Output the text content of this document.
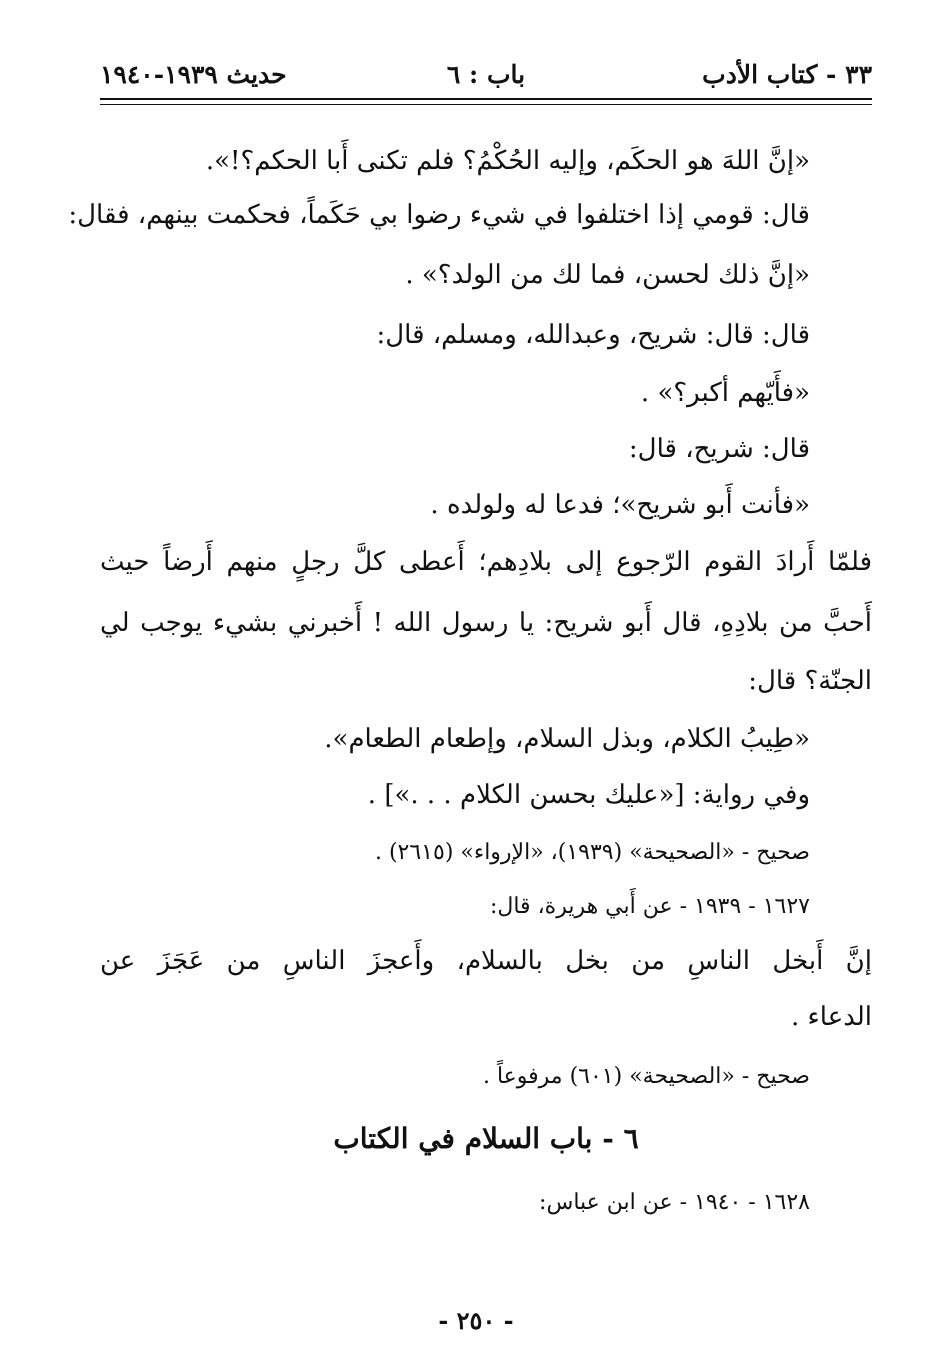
٣٣ - كتاب الأدب
باب : ٦
حديث ١٩٣٩-١٩٤٠
«إنَّ اللهَ هو الحكَم، وإليه الحُكْمُ؟ فلم تكنى أَبا الحكم؟!».
قال: قومي إذا اختلفوا في شيء رضوا بي حَكَماً، فحكمت بينهم، فقال:
«إنَّ ذلك لحسن، فما لك من الولد؟» .
قال: قال: شريح، وعبدالله، ومسلم، قال:
«فأَيّهم أكبر؟» .
قال: شريح، قال:
«فأنت أَبو شريح»؛ فدعا له ولولده .
فلمّا أَرادَ القوم الرّجوع إلى بلادِهم؛ أَعطى كلَّ رجلٍ منهم أَرضاً حيث
أَحبَّ من بلادِهِ، قال أَبو شريح: يا رسول الله ! أَخبرني بشيء يوجب لي
الجنّة؟ قال:
«طِيبُ الكلام، وبذل السلام، وإطعام الطعام».
وفي رواية: [«عليك بحسن الكلام . . .»] .
صحيح - «الصحيحة» (١٩٣٩)، «الإرواء» (٢٦١٥) .
١٦٢٧ - ١٩٣٩ - عن أَبي هريرة، قال:
إنَّ أَبخل الناسِ من بخل بالسلام، وأَعجزَ الناسِ من عَجَزَ عن
الدعاء .
صحيح - «الصحيحة» (٦٠١) مرفوعاً .
٦ - باب السلام في الكتاب
١٦٢٨ - ١٩٤٠ - عن ابن عباس:
- ٢٥٠ -
